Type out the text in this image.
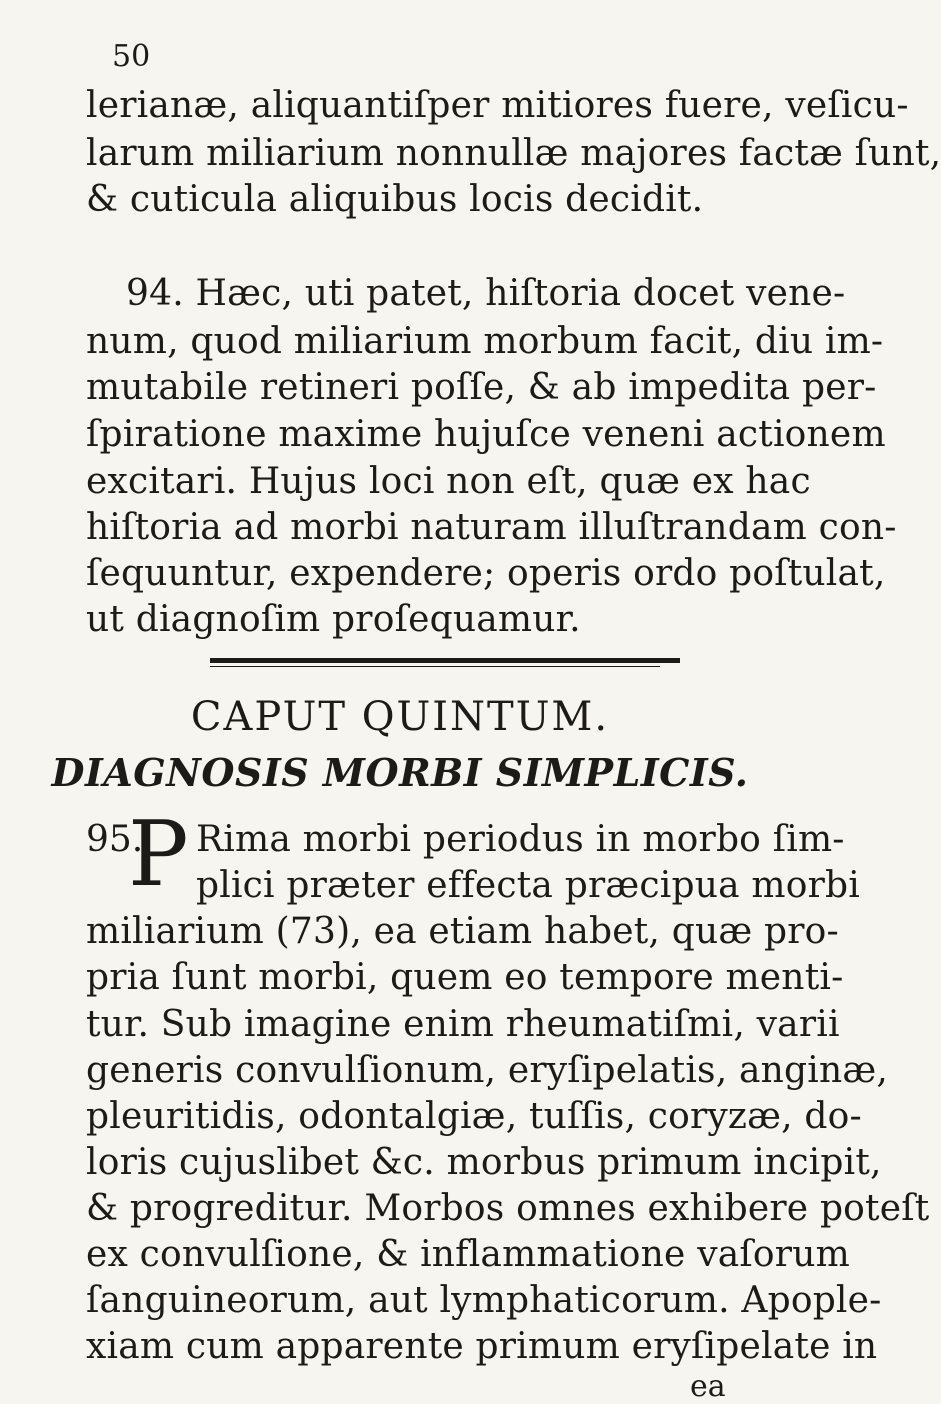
50
lerianæ, aliquantiſper mitiores fuere, veſicu-
larum miliarium nonnullæ majores factæ ſunt,
& cuticula aliquibus locis decidit.
94. Hæc, uti patet, hiſtoria docet vene-
num, quod miliarium morbum facit, diu im-
mutabile retineri poſſe, & ab impedita per-
ſpiratione maxime hujuſce veneni actionem
excitari. Hujus loci non eſt, quæ ex hac
hiſtoria ad morbi naturam illuſtrandam con-
ſequuntur, expendere; operis ordo poſtulat,
ut diagnoſim proſequamur.
CAPUT QUINTUM.
DIAGNOSIS MORBI SIMPLICIS.
95.
P Rima morbi periodus in morbo ſim-
plici præter effecta præcipua morbi
miliarium (73), ea etiam habet, quæ pro-
pria ſunt morbi, quem eo tempore menti-
tur. Sub imagine enim rheumatiſmi, varii
generis convulſionum, eryſipelatis, anginæ,
pleuritidis, odontalgiæ, tuſſis, coryzæ, do-
loris cujuslibet &c. morbus primum incipit,
& progreditur. Morbos omnes exhibere poteſt
ex convulſione, & inflammatione vaſorum
ſanguineorum, aut lymphaticorum. Apople-
xiam cum apparente primum eryſipelate in
ea
